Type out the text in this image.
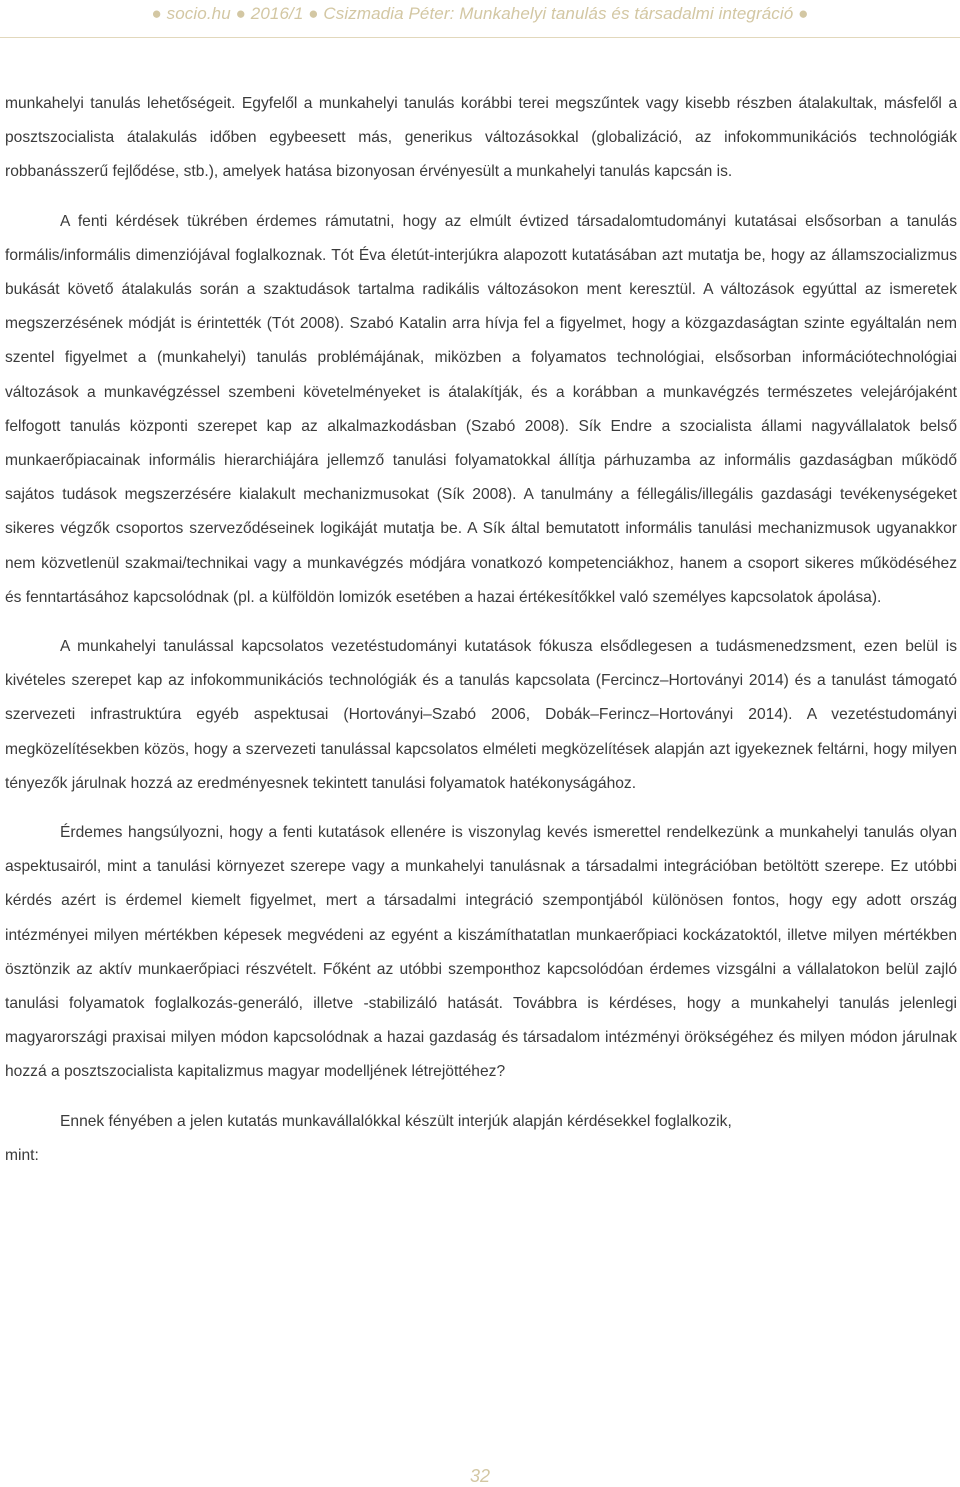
● socio.hu ● 2016/1 ● Csizmadia Péter: Munkahelyi tanulás és társadalmi integráció ●

munkahelyi tanulás lehetőségeit. Egyfelől a munkahelyi tanulás korábbi terei megszűntek vagy kisebb részben átalakultak, másfelől a posztszocialista átalakulás időben egybeesett más, generikus változásokkal (globalizáció, az infokommunikációs technológiák robbanásszerű fejlődése, stb.), amelyek hatása bizonyosan érvényesült a munkahelyi tanulás kapcsán is.

A fenti kérdések tükrében érdemes rámutatni, hogy az elmúlt évtized társadalomtudományi kutatásai elsősorban a tanulás formális/informális dimenziójával foglalkoznak. Tót Éva életút-interjúkra alapozott kutatásában azt mutatja be, hogy az államszocializmus bukását követő átalakulás során a szaktudások tartalma radikális változásokon ment keresztül. A változások egyúttal az ismeretek megszerzésének módját is érintették (Tót 2008). Szabó Katalin arra hívja fel a figyelmet, hogy a közgazdaságtan szinte egyáltalán nem szentel figyelmet a (munkahelyi) tanulás problémájának, miközben a folyamatos technológiai, elsősorban információtechnológiai változások a munkavégzéssel szembeni követelményeket is átalakítják, és a korábban a munkavégzés természetes velejárójaként felfogott tanulás központi szerepet kap az alkalmazkodásban (Szabó 2008). Sík Endre a szocialista állami nagyvállalatok belső munkaerőpiacainak informális hierarchiájára jellemző tanulási folyamatokkal állítja párhuzamba az informális gazdaságban működő sajátos tudások megszerzésére kialakult mechanizmusokat (Sík 2008). A tanulmány a féllegális/illegális gazdasági tevékenységeket sikeres végzők csoportos szerveződéseinek logikáját mutatja be. A Sík által bemutatott informális tanulási mechanizmusok ugyanakkor nem közvetlenül szakmai/technikai vagy a munkavégzés módjára vonatkozó kompetenciákhoz, hanem a csoport sikeres működéséhez és fenntartásához kapcsolódnak (pl. a külföldön lomizók esetében a hazai értékesítőkkel való személyes kapcsolatok ápolása).

A munkahelyi tanulással kapcsolatos vezetéstudományi kutatások fókusza elsődlegesen a tudásmenedzsment, ezen belül is kivételes szerepet kap az infokommunikációs technológiák és a tanulás kapcsolata (Fercincz–Hortoványi 2014) és a tanulást támogató szervezeti infrastruktúra egyéb aspektusai (Hortoványi–Szabó 2006, Dobák–Ferincz–Hortoványi 2014). A vezetéstudományi megközelítésekben közös, hogy a szervezeti tanulással kapcsolatos elméleti megközelítések alapján azt igyekeznek feltárni, hogy milyen tényezők járulnak hozzá az eredményesnek tekintett tanulási folyamatok hatékonyságához.

Érdemes hangsúlyozni, hogy a fenti kutatások ellenére is viszonylag kevés ismerettel rendelkezünk a munkahelyi tanulás olyan aspektusairól, mint a tanulási környezet szerepe vagy a munkahelyi tanulásnak a társadalmi integrációban betöltött szerepe. Ez utóbbi kérdés azért is érdemel kiemelt figyelmet, mert a társadalmi integráció szempontjából különösen fontos, hogy egy adott ország intézményei milyen mértékben képesek megvédeni az egyént a kiszámíthatatlan munkaerőpiaci kockázatoktól, illetve milyen mértékben ösztönzik az aktív munkaerőpiaci részvételt. Főként az utóbbi szempонthoz kapcsolódóan érdemes vizsgálni a vállalatokon belül zajló tanulási folyamatok foglalkozás-generáló, illetve -stabilizáló hatását. Továbbra is kérdéses, hogy a munkahelyi tanulás jelenlegi magyarországi praxisai milyen módon kapcsolódnak a hazai gazdaság és társadalom intézményi örökségéhez és milyen módon járulnak hozzá a posztszocialista kapitalizmus magyar modelljének létrejöttéhez?

Ennek fényében a jelen kutatás munkavállalókkal készült interjúk alapján kérdésekkel foglalkozik,
mint:

32
